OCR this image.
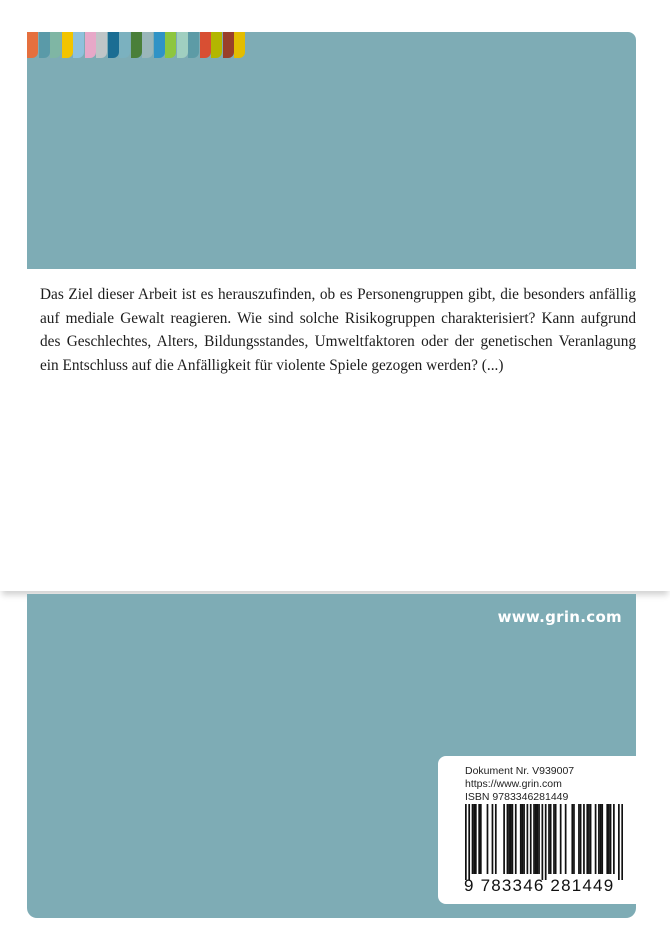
Das Ziel dieser Arbeit ist es herauszufinden, ob es Personengruppen gibt, die besonders anfällig auf mediale Gewalt reagieren. Wie sind solche Risikogruppen charakterisiert? Kann aufgrund des Geschlechtes, Alters, Bildungsstandes, Umweltfaktoren oder der genetischen Veranlagung ein Entschluss auf die Anfälligkeit für violente Spiele gezogen werden? (...)

www.grin.com
Dokument Nr. V939007
https://www.grin.com
ISBN 9783346281449
9 783346 281449
